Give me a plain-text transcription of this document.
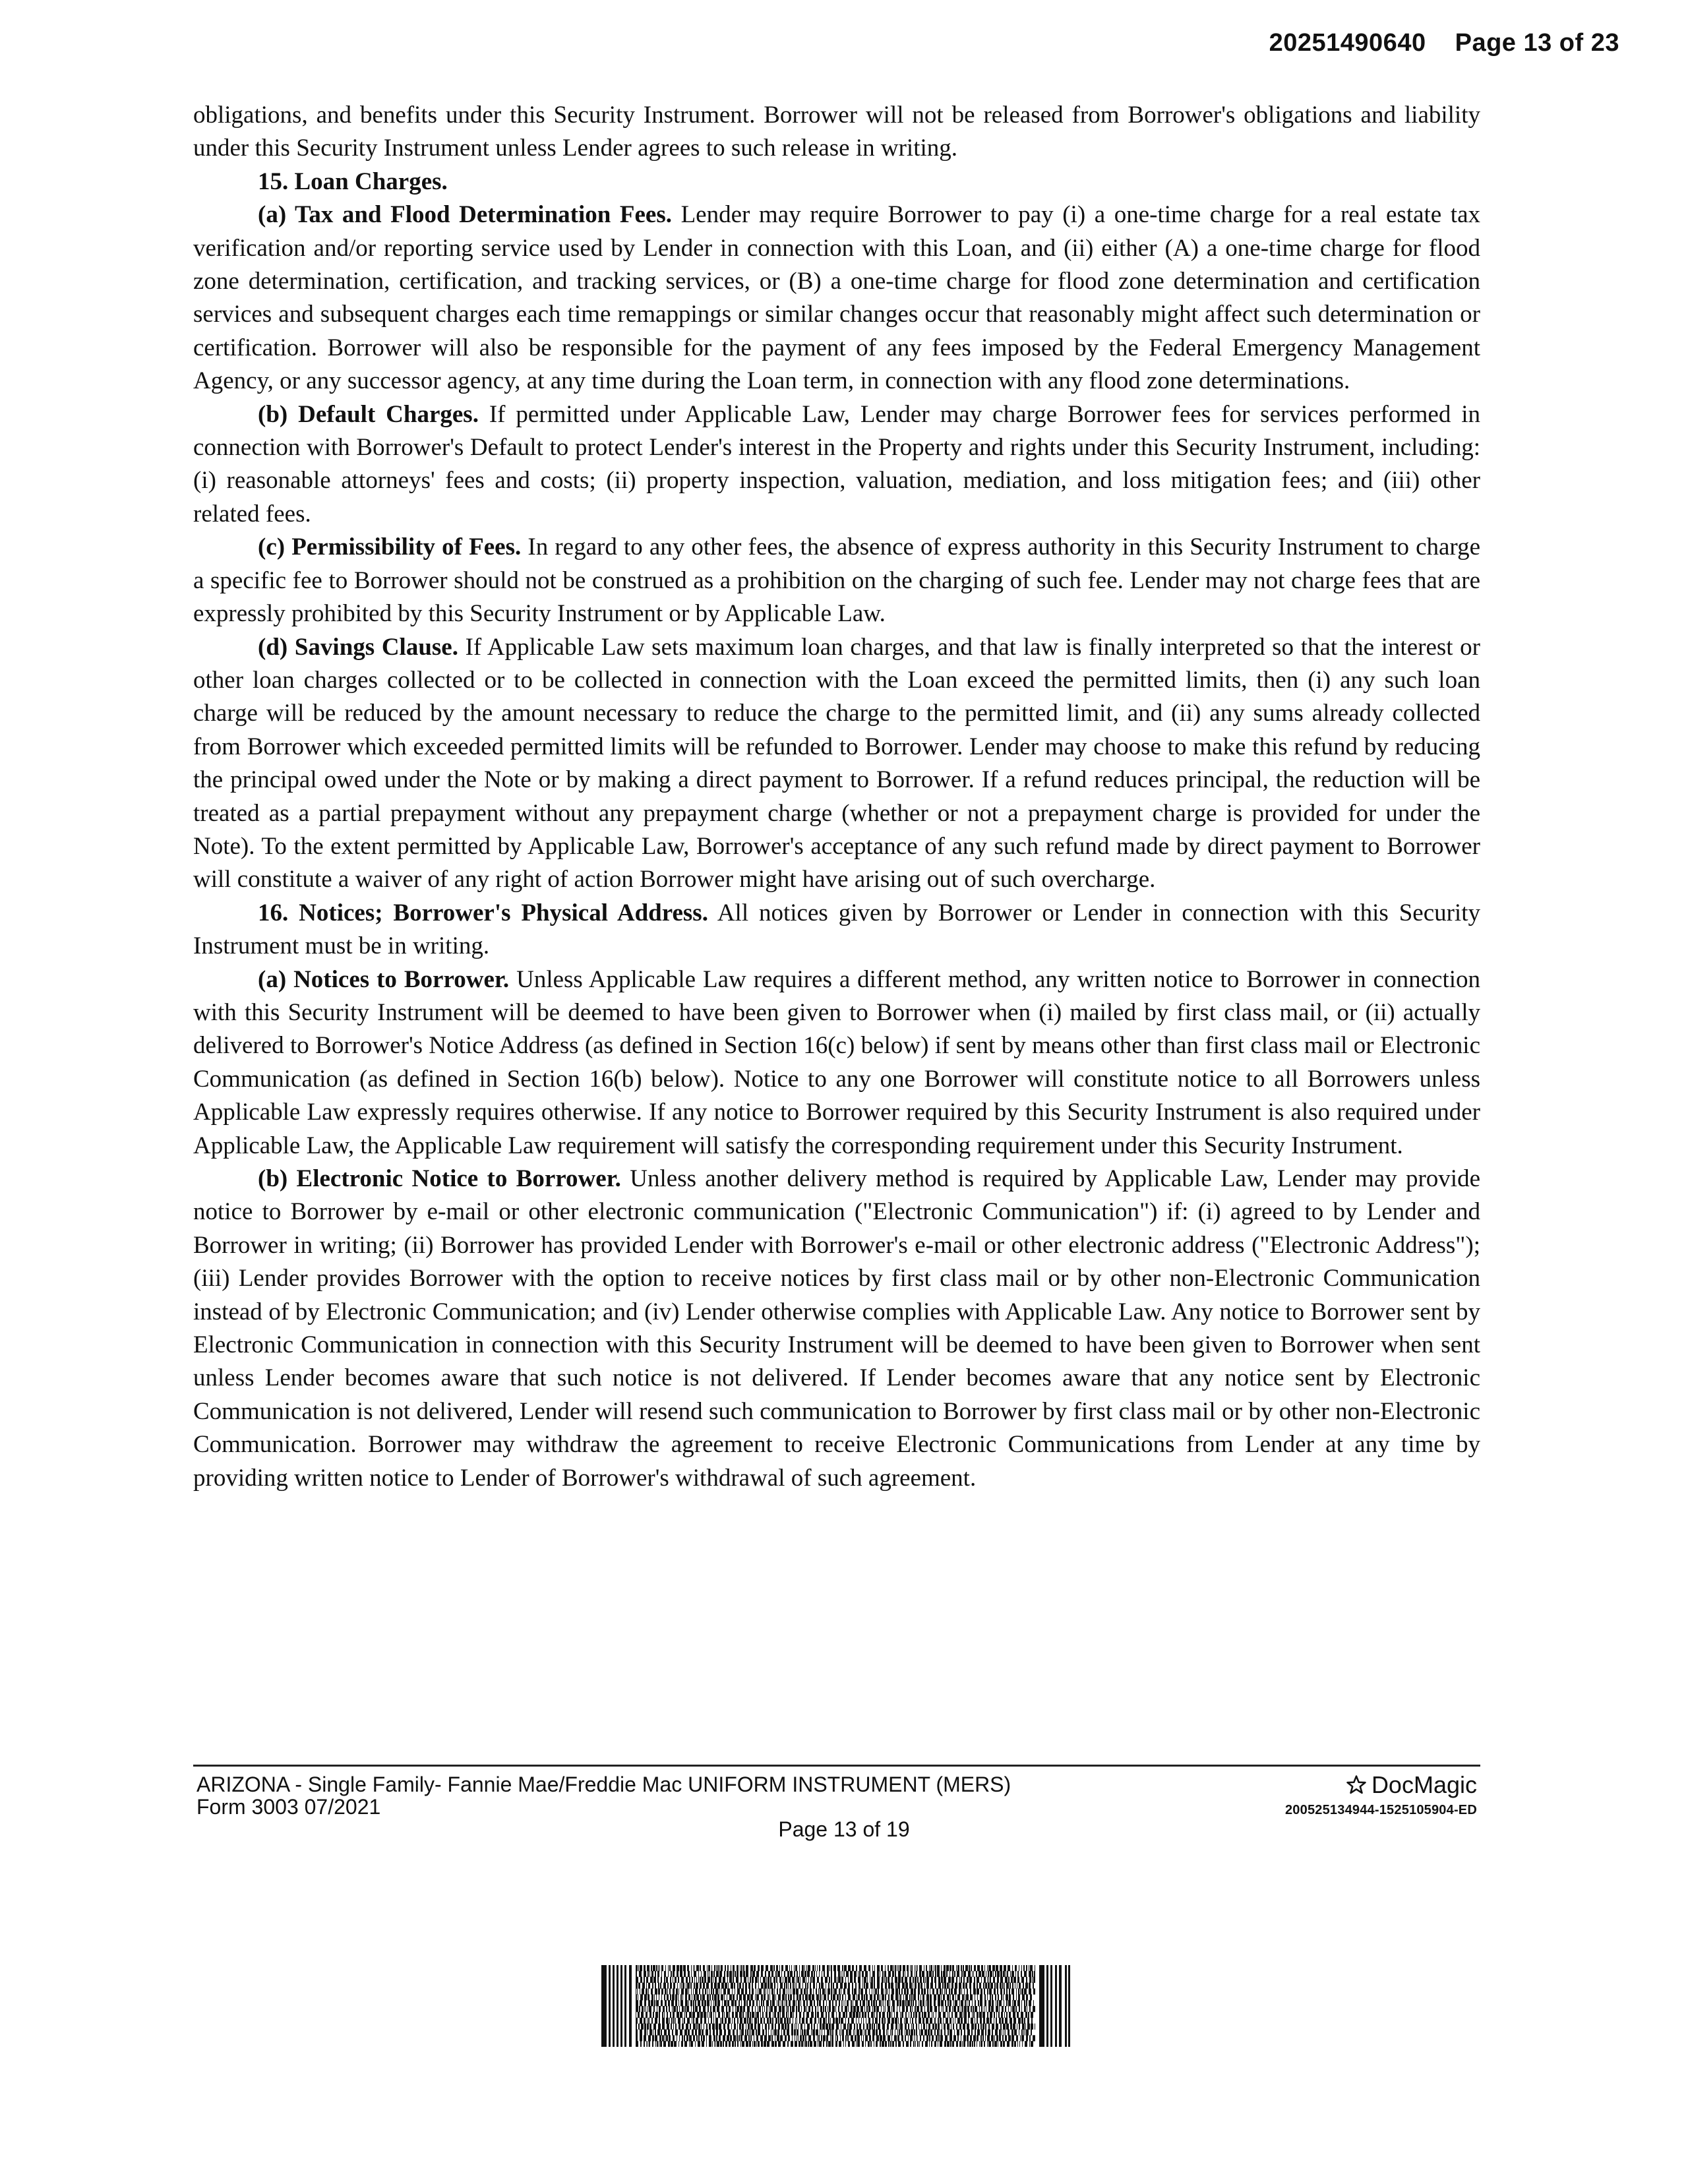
20251490640 Page 13 of 23

obligations, and benefits under this Security Instrument. Borrower will not be released from Borrower's obligations and liability under this Security Instrument unless Lender agrees to such release in writing.

15. Loan Charges.

(a) Tax and Flood Determination Fees. Lender may require Borrower to pay (i) a one-time charge for a real estate tax verification and/or reporting service used by Lender in connection with this Loan, and (ii) either (A) a one-time charge for flood zone determination, certification, and tracking services, or (B) a one-time charge for flood zone determination and certification services and subsequent charges each time remappings or similar changes occur that reasonably might affect such determination or certification. Borrower will also be responsible for the payment of any fees imposed by the Federal Emergency Management Agency, or any successor agency, at any time during the Loan term, in connection with any flood zone determinations.

(b) Default Charges. If permitted under Applicable Law, Lender may charge Borrower fees for services performed in connection with Borrower's Default to protect Lender's interest in the Property and rights under this Security Instrument, including: (i) reasonable attorneys' fees and costs; (ii) property inspection, valuation, mediation, and loss mitigation fees; and (iii) other related fees.

(c) Permissibility of Fees. In regard to any other fees, the absence of express authority in this Security Instrument to charge a specific fee to Borrower should not be construed as a prohibition on the charging of such fee. Lender may not charge fees that are expressly prohibited by this Security Instrument or by Applicable Law.

(d) Savings Clause. If Applicable Law sets maximum loan charges, and that law is finally interpreted so that the interest or other loan charges collected or to be collected in connection with the Loan exceed the permitted limits, then (i) any such loan charge will be reduced by the amount necessary to reduce the charge to the permitted limit, and (ii) any sums already collected from Borrower which exceeded permitted limits will be refunded to Borrower. Lender may choose to make this refund by reducing the principal owed under the Note or by making a direct payment to Borrower. If a refund reduces principal, the reduction will be treated as a partial prepayment without any prepayment charge (whether or not a prepayment charge is provided for under the Note). To the extent permitted by Applicable Law, Borrower's acceptance of any such refund made by direct payment to Borrower will constitute a waiver of any right of action Borrower might have arising out of such overcharge.

16. Notices; Borrower's Physical Address. All notices given by Borrower or Lender in connection with this Security Instrument must be in writing.

(a) Notices to Borrower. Unless Applicable Law requires a different method, any written notice to Borrower in connection with this Security Instrument will be deemed to have been given to Borrower when (i) mailed by first class mail, or (ii) actually delivered to Borrower's Notice Address (as defined in Section 16(c) below) if sent by means other than first class mail or Electronic Communication (as defined in Section 16(b) below). Notice to any one Borrower will constitute notice to all Borrowers unless Applicable Law expressly requires otherwise. If any notice to Borrower required by this Security Instrument is also required under Applicable Law, the Applicable Law requirement will satisfy the corresponding requirement under this Security Instrument.

(b) Electronic Notice to Borrower. Unless another delivery method is required by Applicable Law, Lender may provide notice to Borrower by e-mail or other electronic communication ("Electronic Communication") if: (i) agreed to by Lender and Borrower in writing; (ii) Borrower has provided Lender with Borrower's e-mail or other electronic address ("Electronic Address"); (iii) Lender provides Borrower with the option to receive notices by first class mail or by other non-Electronic Communication instead of by Electronic Communication; and (iv) Lender otherwise complies with Applicable Law. Any notice to Borrower sent by Electronic Communication in connection with this Security Instrument will be deemed to have been given to Borrower when sent unless Lender becomes aware that such notice is not delivered. If Lender becomes aware that any notice sent by Electronic Communication is not delivered, Lender will resend such communication to Borrower by first class mail or by other non-Electronic Communication. Borrower may withdraw the agreement to receive Electronic Communications from Lender at any time by providing written notice to Lender of Borrower's withdrawal of such agreement.

ARIZONA - Single Family- Fannie Mae/Freddie Mac UNIFORM INSTRUMENT (MERS)
Form 3003 07/2021
Page 13 of 19
DocMagic
200525134944-1525105904-ED
